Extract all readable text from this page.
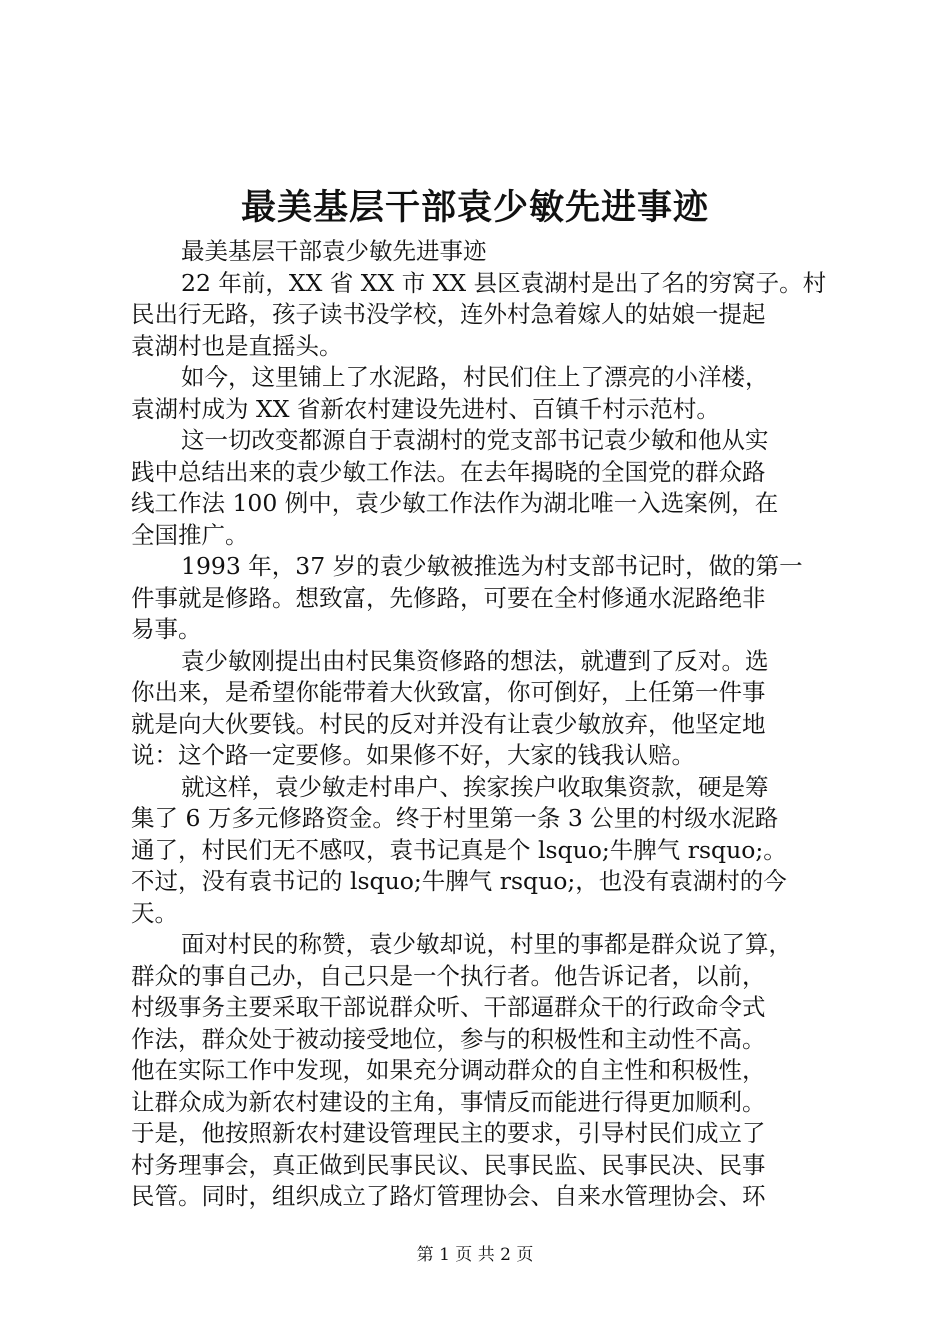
最美基层干部袁少敏先进事迹

最美基层干部袁少敏先进事迹

22 年前，XX 省 XX 市 XX 县区袁湖村是出了名的穷窝子。村
民出行无路，孩子读书没学校，连外村急着嫁人的姑娘一提起
袁湖村也是直摇头。

如今，这里铺上了水泥路，村民们住上了漂亮的小洋楼，
袁湖村成为 XX 省新农村建设先进村、百镇千村示范村。

这一切改变都源自于袁湖村的党支部书记袁少敏和他从实
践中总结出来的袁少敏工作法。在去年揭晓的全国党的群众路
线工作法 100 例中，袁少敏工作法作为湖北唯一入选案例，在
全国推广。

1993 年，37 岁的袁少敏被推选为村支部书记时，做的第一
件事就是修路。想致富，先修路，可要在全村修通水泥路绝非
易事。

袁少敏刚提出由村民集资修路的想法，就遭到了反对。选
你出来，是希望你能带着大伙致富，你可倒好，上任第一件事
就是向大伙要钱。村民的反对并没有让袁少敏放弃，他坚定地
说：这个路一定要修。如果修不好，大家的钱我认赔。

就这样，袁少敏走村串户、挨家挨户收取集资款，硬是筹
集了 6 万多元修路资金。终于村里第一条 3 公里的村级水泥路
通了，村民们无不感叹，袁书记真是个 lsquo;牛脾气 rsquo;。
不过，没有袁书记的 lsquo;牛脾气 rsquo;，也没有袁湖村的今
天。

面对村民的称赞，袁少敏却说，村里的事都是群众说了算，
群众的事自己办，自己只是一个执行者。他告诉记者，以前，
村级事务主要采取干部说群众听、干部逼群众干的行政命令式
作法，群众处于被动接受地位，参与的积极性和主动性不高。
他在实际工作中发现，如果充分调动群众的自主性和积极性，
让群众成为新农村建设的主角，事情反而能进行得更加顺利。
于是，他按照新农村建设管理民主的要求，引导村民们成立了
村务理事会，真正做到民事民议、民事民监、民事民决、民事
民管。同时，组织成立了路灯管理协会、自来水管理协会、环

第 1 页 共 2 页
